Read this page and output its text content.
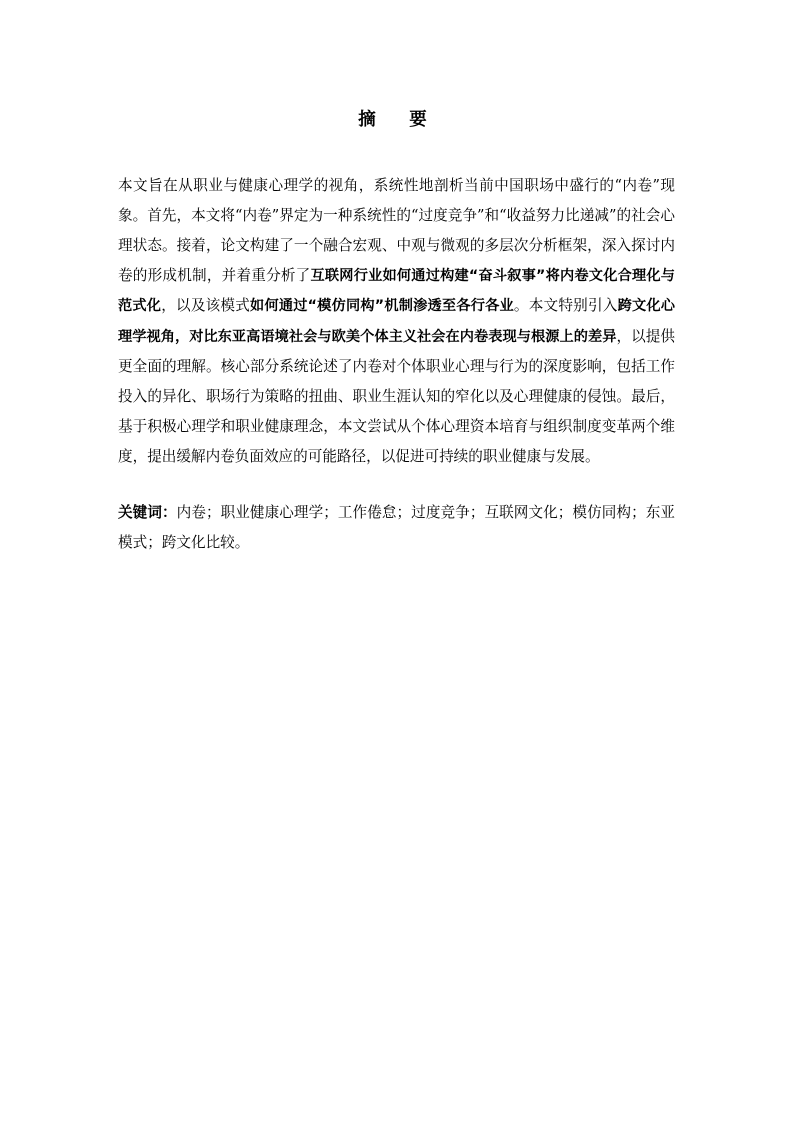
摘　要
本文旨在从职业与健康心理学的视角，系统性地剖析当前中国职场中盛行的“内卷”现象。首先，本文将“内卷”界定为一种系统性的“过度竞争”和“收益努力比递减”的社会心理状态。接着，论文构建了一个融合宏观、中观与微观的多层次分析框架，深入探讨内卷的形成机制，并着重分析了互联网行业如何通过构建“奋斗叙事”将内卷文化合理化与范式化，以及该模式如何通过“模仿同构”机制渗透至各行各业。本文特别引入跨文化心理学视角，对比东亚高语境社会与欧美个体主义社会在内卷表现与根源上的差异，以提供更全面的理解。核心部分系统论述了内卷对个体职业心理与行为的深度影响，包括工作投入的异化、职场行为策略的扭曲、职业生涯认知的窄化以及心理健康的侵蚀。最后，基于积极心理学和职业健康理念，本文尝试从个体心理资本培育与组织制度变革两个维度，提出缓解内卷负面效应的可能路径，以促进可持续的职业健康与发展。
关键词：内卷；职业健康心理学；工作倦怠；过度竞争；互联网文化；模仿同构；东亚模式；跨文化比较。
